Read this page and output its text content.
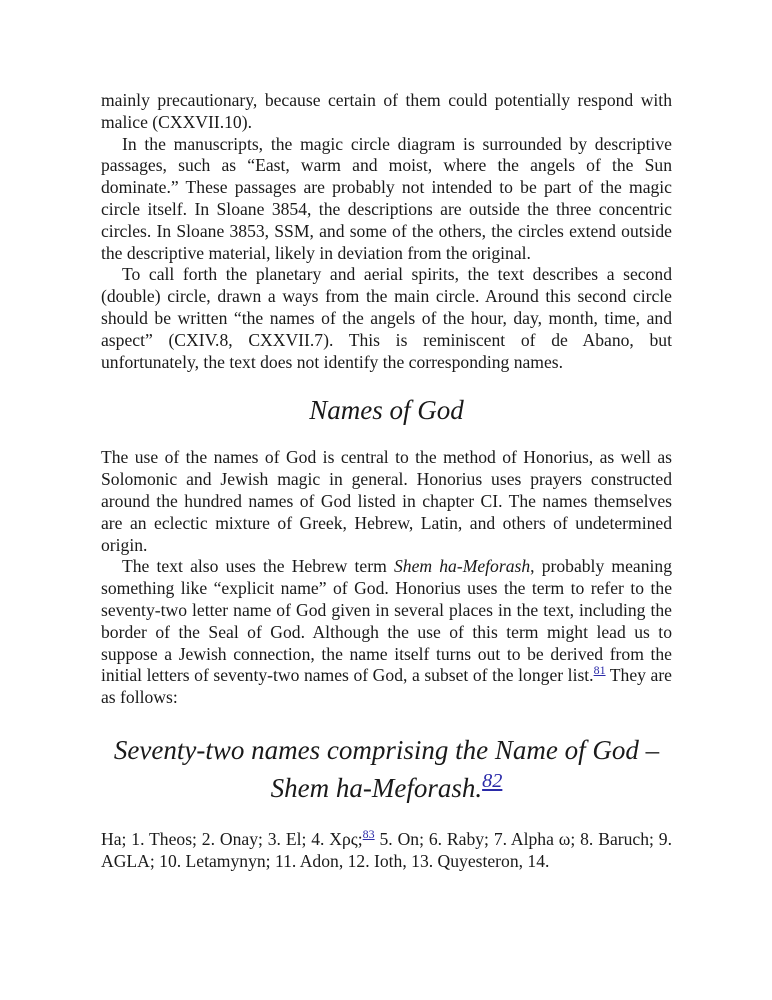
mainly precautionary, because certain of them could potentially respond with malice (CXXVII.10).

In the manuscripts, the magic circle diagram is surrounded by descriptive passages, such as “East, warm and moist, where the angels of the Sun dominate.” These passages are probably not intended to be part of the magic circle itself. In Sloane 3854, the descriptions are outside the three concentric circles. In Sloane 3853, SSM, and some of the others, the circles extend outside the descriptive material, likely in deviation from the original.

To call forth the planetary and aerial spirits, the text describes a second (double) circle, drawn a ways from the main circle. Around this second circle should be written “the names of the angels of the hour, day, month, time, and aspect” (CXIV.8, CXXVII.7). This is reminiscent of de Abano, but unfortunately, the text does not identify the corresponding names.

Names of God

The use of the names of God is central to the method of Honorius, as well as Solomonic and Jewish magic in general. Honorius uses prayers constructed around the hundred names of God listed in chapter CI. The names themselves are an eclectic mixture of Greek, Hebrew, Latin, and others of undetermined origin.

The text also uses the Hebrew term Shem ha-Meforash, probably meaning something like “explicit name” of God. Honorius uses the term to refer to the seventy-two letter name of God given in several places in the text, including the border of the Seal of God. Although the use of this term might lead us to suppose a Jewish connection, the name itself turns out to be derived from the initial letters of seventy-two names of God, a subset of the longer list.$^{81}$ They are as follows:

Seventy-two names comprising the Name of God –
Shem ha-Meforash.$^{82}$

Ha; 1. Theos; 2. Onay; 3. El; 4. Χρς;$^{83}$ 5. On; 6. Raby; 7. Alpha ω; 8. Baruch; 9. AGLA; 10. Letamynyn; 11. Adon, 12. Ioth, 13. Quyesteron, 14.
